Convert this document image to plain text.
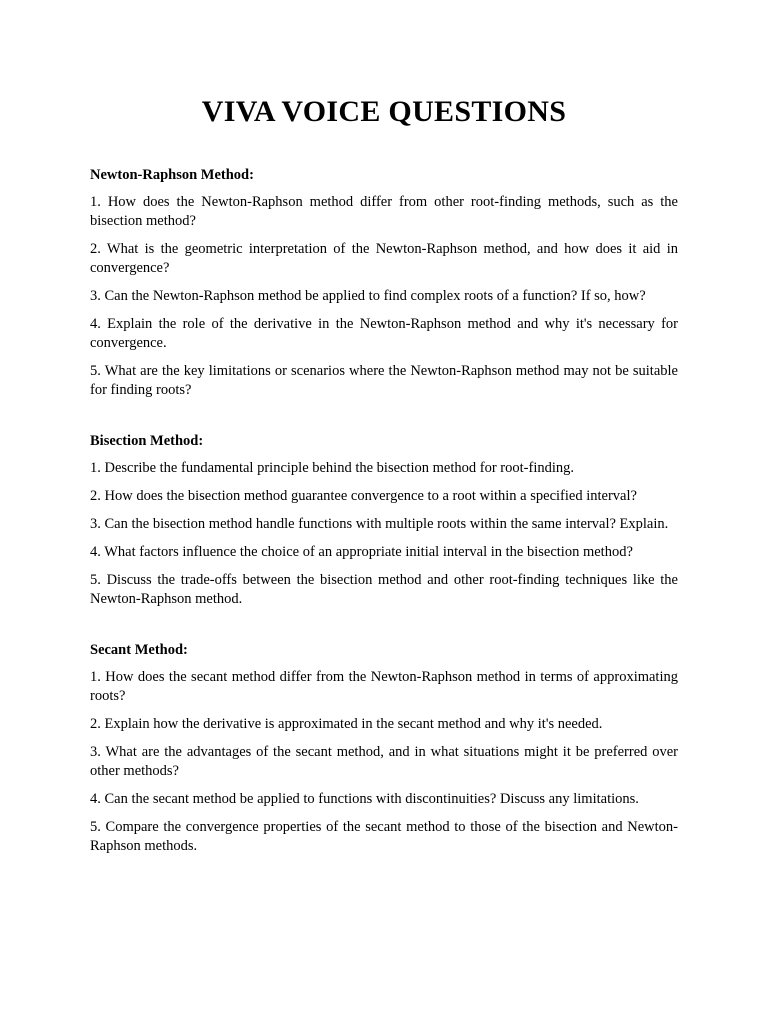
VIVA VOICE QUESTIONS
Newton-Raphson Method:

1. How does the Newton-Raphson method differ from other root-finding methods, such as the bisection method?

2. What is the geometric interpretation of the Newton-Raphson method, and how does it aid in convergence?

3. Can the Newton-Raphson method be applied to find complex roots of a function? If so, how?

4. Explain the role of the derivative in the Newton-Raphson method and why it's necessary for convergence.

5. What are the key limitations or scenarios where the Newton-Raphson method may not be suitable for finding roots?

Bisection Method:

1. Describe the fundamental principle behind the bisection method for root-finding.

2. How does the bisection method guarantee convergence to a root within a specified interval?

3. Can the bisection method handle functions with multiple roots within the same interval? Explain.

4. What factors influence the choice of an appropriate initial interval in the bisection method?

5. Discuss the trade-offs between the bisection method and other root-finding techniques like the Newton-Raphson method.

Secant Method:

1. How does the secant method differ from the Newton-Raphson method in terms of approximating roots?

2. Explain how the derivative is approximated in the secant method and why it's needed.

3. What are the advantages of the secant method, and in what situations might it be preferred over other methods?

4. Can the secant method be applied to functions with discontinuities? Discuss any limitations.

5. Compare the convergence properties of the secant method to those of the bisection and Newton-Raphson methods.
